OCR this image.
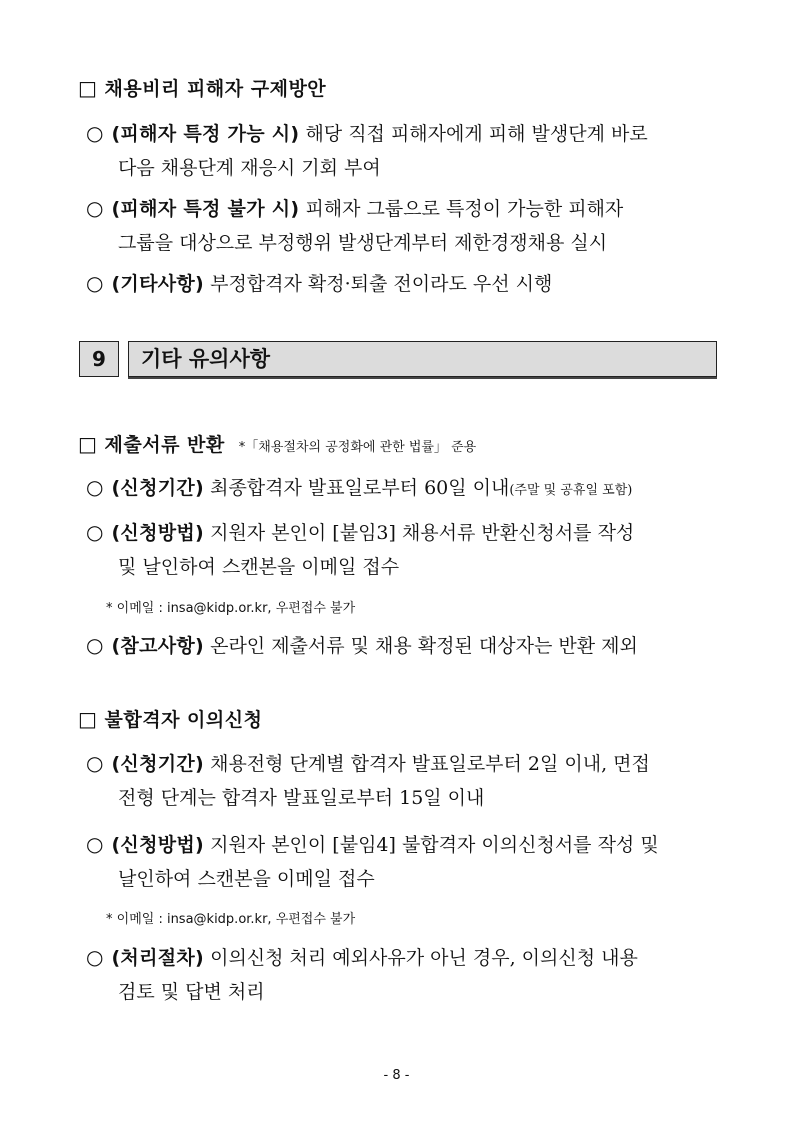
□ 채용비리 피해자 구제방안
○ (피해자 특정 가능 시) 해당 직접 피해자에게 피해 발생단계 바로
다음 채용단계 재응시 기회 부여
○ (피해자 특정 불가 시) 피해자 그룹으로 특정이 가능한 피해자
그룹을 대상으로 부정행위 발생단계부터 제한경쟁채용 실시
○ (기타사항) 부정합격자 확정·퇴출 전이라도 우선 시행
9	기타 유의사항
□ 제출서류 반환 *「채용절차의 공정화에 관한 법률」 준용
○ (신청기간) 최종합격자 발표일로부터 60일 이내(주말 및 공휴일 포함)
○ (신청방법) 지원자 본인이 [붙임3] 채용서류 반환신청서를 작성
및 날인하여 스캔본을 이메일 접수
* 이메일 : insa@kidp.or.kr, 우편접수 불가
○ (참고사항) 온라인 제출서류 및 채용 확정된 대상자는 반환 제외
□ 불합격자 이의신청
○ (신청기간) 채용전형 단계별 합격자 발표일로부터 2일 이내, 면접
전형 단계는 합격자 발표일로부터 15일 이내
○ (신청방법) 지원자 본인이 [붙임4] 불합격자 이의신청서를 작성 및
날인하여 스캔본을 이메일 접수
* 이메일 : insa@kidp.or.kr, 우편접수 불가
○ (처리절차) 이의신청 처리 예외사유가 아닌 경우, 이의신청 내용
검토 및 답변 처리
- 8 -
